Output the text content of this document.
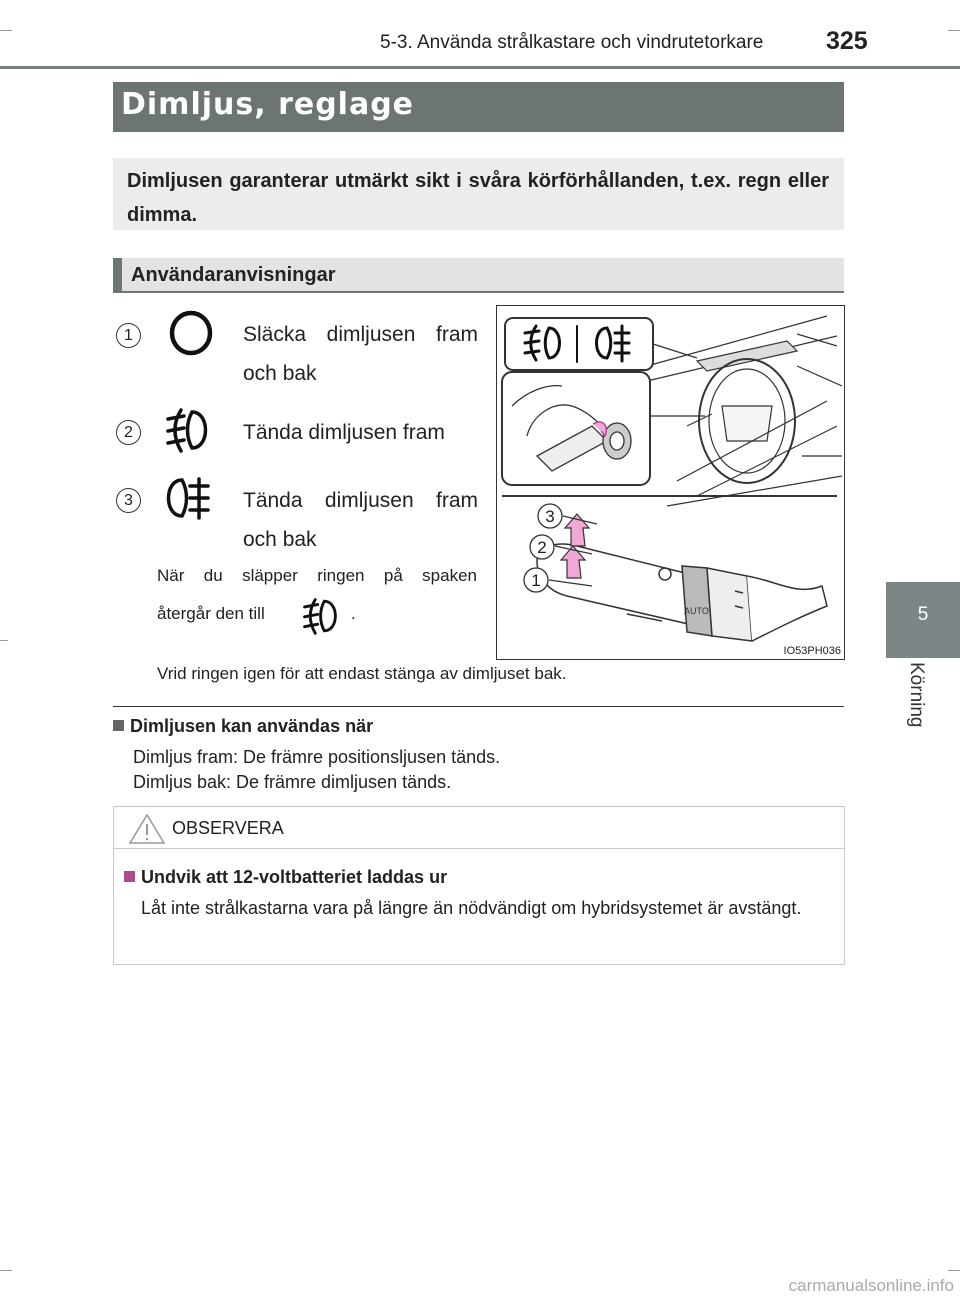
5-3. Använda strålkastare och vindrutetorkare	325
5
Körning
Dimljus, reglage

Dimljusen garanterar utmärkt sikt i svåra körförhållanden, t.ex. regn eller dimma.

Användaranvisningar
1	Släcka dimljusen fram
och bak
2	Tända dimljusen fram
3	Tända dimljusen fram
och bak
När du släpper ringen på spaken
återgår den till	.
Vrid ringen igen för att endast stänga av dimljuset bak.
AUTO
3
2
1
IO53PH036
Dimljusen kan användas när
Dimljus fram: De främre positionsljusen tänds.
Dimljus bak: De främre dimljusen tänds.
OBSERVERA
Undvik att 12-voltbatteriet laddas ur
Låt inte strålkastarna vara på längre än nödvändigt om hybridsystemet är avstängt.
carmanualsonline.info
